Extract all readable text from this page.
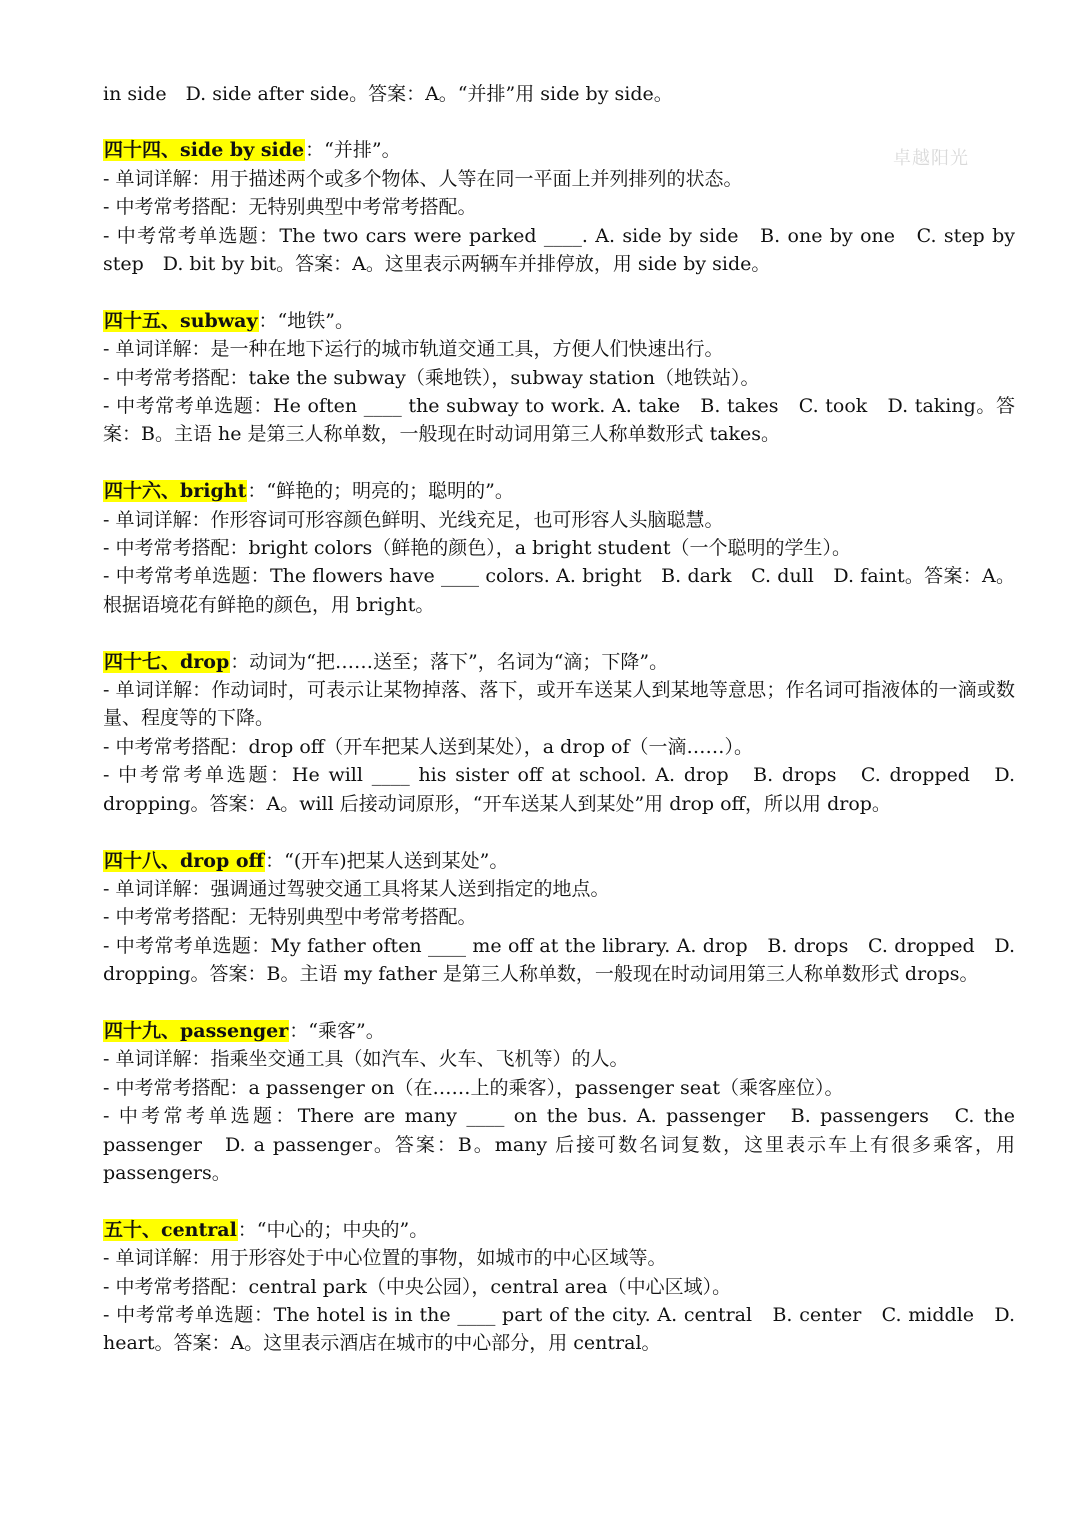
卓越阳光
in side　D. side after side。答案：A。“并排”用 side by side。
四十四、side by side：“并排”。
- 单词详解：用于描述两个或多个物体、人等在同一平面上并列排列的状态。
- 中考常考搭配：无特别典型中考常考搭配。
- 中考常考单选题：The two cars were parked ____. A. side by side　B. one by one　C. step by step　D. bit by bit。答案：A。这里表示两辆车并排停放，用 side by side。
四十五、subway：“地铁”。
- 单词详解：是一种在地下运行的城市轨道交通工具，方便人们快速出行。
- 中考常考搭配：take the subway（乘地铁），subway station（地铁站）。
- 中考常考单选题：He often ____ the subway to work. A. take　B. takes　C. took　D. taking。答案：B。主语 he 是第三人称单数，一般现在时动词用第三人称单数形式 takes。
四十六、bright：“鲜艳的；明亮的；聪明的”。
- 单词详解：作形容词可形容颜色鲜明、光线充足，也可形容人头脑聪慧。
- 中考常考搭配：bright colors（鲜艳的颜色），a bright student（一个聪明的学生）。
- 中考常考单选题：The flowers have ____ colors. A. bright　B. dark　C. dull　D. faint。答案：A。根据语境花有鲜艳的颜色，用 bright。
四十七、drop：动词为“把……送至；落下”，名词为“滴；下降”。
- 单词详解：作动词时，可表示让某物掉落、落下，或开车送某人到某地等意思；作名词可指液体的一滴或数量、程度等的下降。
- 中考常考搭配：drop off（开车把某人送到某处），a drop of（一滴……）。
- 中考常考单选题：He will ____ his sister off at school. A. drop　B. drops　C. dropped　D. dropping。答案：A。will 后接动词原形，“开车送某人到某处”用 drop off，所以用 drop。
四十八、drop off：“(开车)把某人送到某处”。
- 单词详解：强调通过驾驶交通工具将某人送到指定的地点。
- 中考常考搭配：无特别典型中考常考搭配。
- 中考常考单选题：My father often ____ me off at the library. A. drop　B. drops　C. dropped　D. dropping。答案：B。主语 my father 是第三人称单数，一般现在时动词用第三人称单数形式 drops。
四十九、passenger：“乘客”。
- 单词详解：指乘坐交通工具（如汽车、火车、飞机等）的人。
- 中考常考搭配：a passenger on（在……上的乘客），passenger seat（乘客座位）。
- 中考常考单选题：There are many ____ on the bus. A. passenger　B. passengers　C. the passenger　D. a passenger。答案：B。many 后接可数名词复数，这里表示车上有很多乘客，用 passengers。
五十、central：“中心的；中央的”。
- 单词详解：用于形容处于中心位置的事物，如城市的中心区域等。
- 中考常考搭配：central park（中央公园），central area（中心区域）。
- 中考常考单选题：The hotel is in the ____ part of the city. A. central　B. center　C. middle　D. heart。答案：A。这里表示酒店在城市的中心部分，用 central。
